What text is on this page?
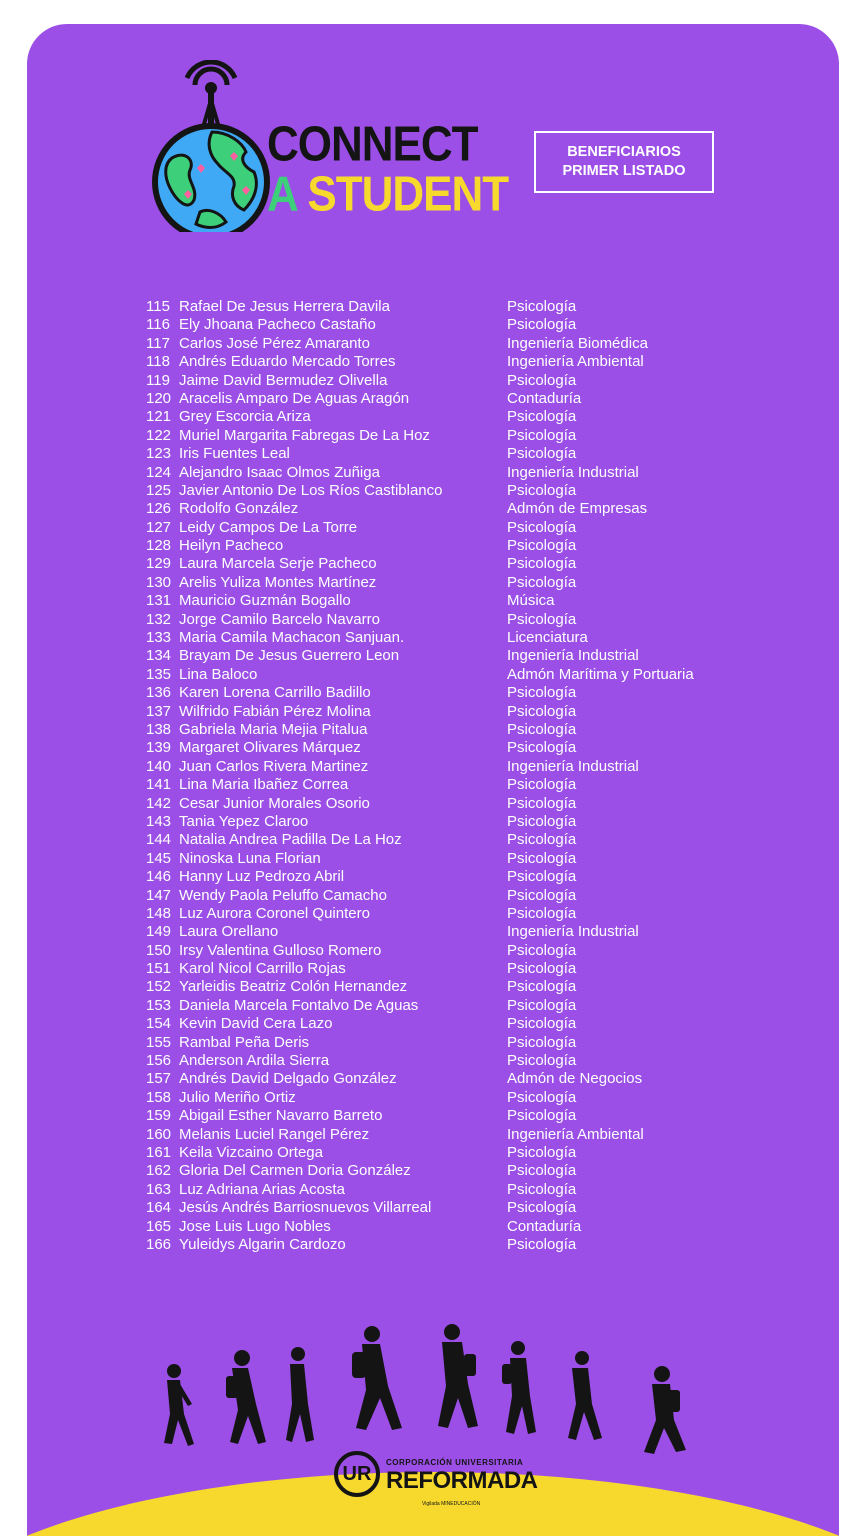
CONNECT
A STUDENT
BENEFICIARIOS
PRIMER LISTADO
115 Rafael De Jesus Herrera Davila	Psicología
116 Ely Jhoana Pacheco Castaño	Psicología
117 Carlos José Pérez Amaranto	Ingeniería Biomédica
118 Andrés Eduardo Mercado Torres	Ingeniería Ambiental
119 Jaime David Bermudez Olivella	Psicología
120 Aracelis Amparo De Aguas Aragón	Contaduría
121 Grey Escorcia Ariza	Psicología
122 Muriel Margarita Fabregas De La Hoz	Psicología
123 Iris Fuentes Leal	Psicología
124 Alejandro Isaac Olmos Zuñiga	Ingeniería Industrial
125 Javier Antonio De Los Ríos Castiblanco	Psicología
126 Rodolfo González	Admón de Empresas
127 Leidy Campos De La Torre	Psicología
128 Heilyn Pacheco	Psicología
129 Laura Marcela Serje Pacheco	Psicología
130 Arelis Yuliza Montes Martínez	Psicología
131 Mauricio Guzmán Bogallo	Música
132 Jorge Camilo Barcelo Navarro	Psicología
133 Maria Camila Machacon Sanjuan.	Licenciatura
134 Brayam De Jesus Guerrero Leon	Ingeniería Industrial
135 Lina Baloco	Admón Marítima y Portuaria
136 Karen Lorena Carrillo Badillo	Psicología
137 Wilfrido Fabián Pérez Molina	Psicología
138 Gabriela Maria Mejia Pitalua	Psicología
139 Margaret Olivares Márquez	Psicología
140 Juan Carlos Rivera Martinez	Ingeniería Industrial
141 Lina Maria Ibañez Correa	Psicología
142 Cesar Junior Morales Osorio	Psicología
143 Tania Yepez Claroo	Psicología
144 Natalia Andrea Padilla De La Hoz	Psicología
145 Ninoska Luna Florian	Psicología
146 Hanny Luz Pedrozo Abril	Psicología
147 Wendy Paola Peluffo Camacho	Psicología
148 Luz Aurora Coronel Quintero	Psicología
149 Laura Orellano	Ingeniería Industrial
150 Irsy Valentina Gulloso Romero	Psicología
151 Karol Nicol Carrillo Rojas	Psicología
152 Yarleidis Beatriz Colón Hernandez	Psicología
153 Daniela Marcela Fontalvo De Aguas	Psicología
154 Kevin David Cera Lazo	Psicología
155 Rambal Peña Deris	Psicología
156 Anderson Ardila Sierra	Psicología
157 Andrés David Delgado González	Admón de Negocios
158 Julio Meriño Ortiz	Psicología
159 Abigail Esther Navarro Barreto	Psicología
160 Melanis Luciel Rangel Pérez	Ingeniería Ambiental
161 Keila Vizcaino Ortega	Psicología
162 Gloria Del Carmen Doria González	Psicología
163 Luz Adriana Arias Acosta	Psicología
164 Jesús Andrés Barriosnuevos Villarreal	Psicología
165 Jose Luis Lugo Nobles	Contaduría
166 Yuleidys Algarin Cardozo	Psicología
UR	CORPORACIÓN UNIVERSITARIA
REFORMADA
Vigilada MINEDUCACIÓN
